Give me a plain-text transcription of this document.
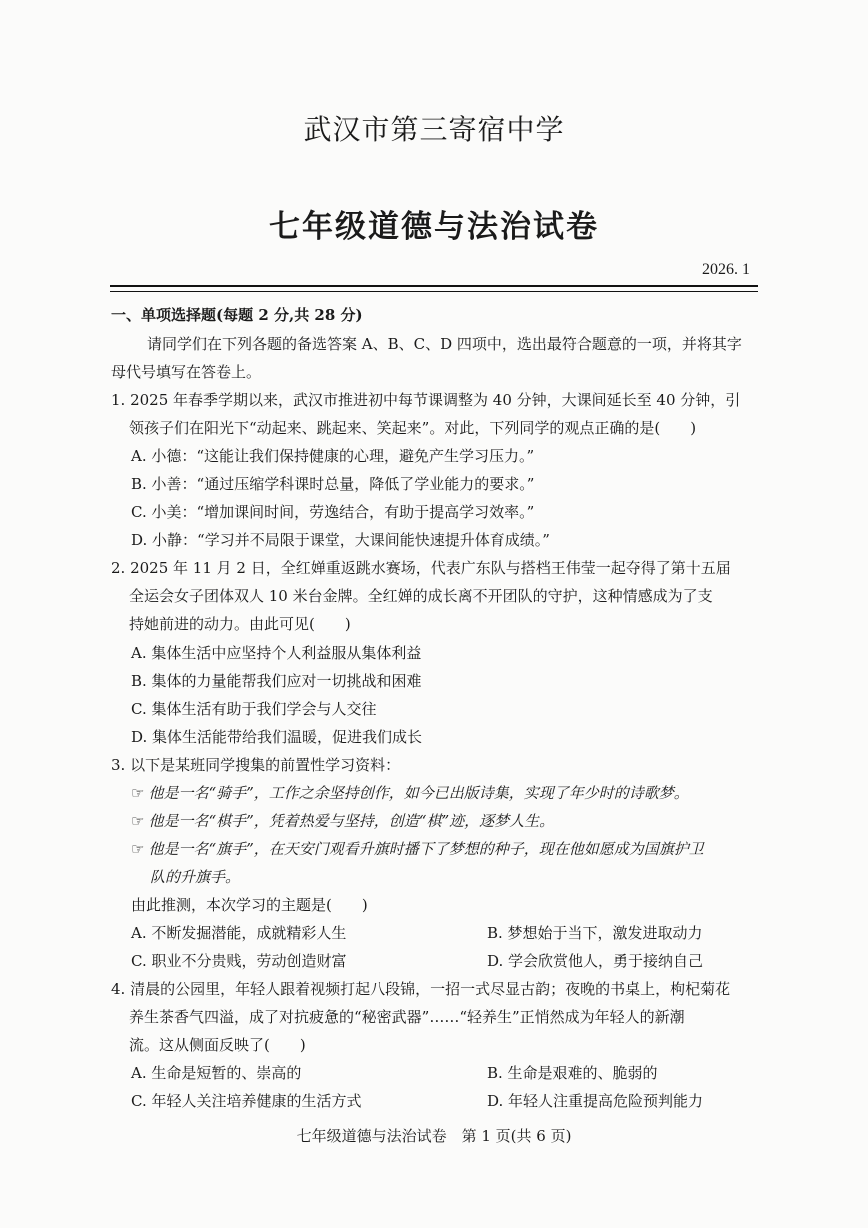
武汉市第三寄宿中学
七年级道德与法治试卷
2026. 1
一、单项选择题(每题 2 分,共 28 分)
请同学们在下列各题的备选答案 A、B、C、D 四项中，选出最符合题意的一项，并将其字
母代号填写在答卷上。
1. 2025 年春季学期以来，武汉市推进初中每节课调整为 40 分钟，大课间延长至 40 分钟，引
领孩子们在阳光下“动起来、跳起来、笑起来”。对此，下列同学的观点正确的是(　　)
A. 小德：“这能让我们保持健康的心理，避免产生学习压力。”
B. 小善：“通过压缩学科课时总量，降低了学业能力的要求。”
C. 小美：“增加课间时间，劳逸结合，有助于提高学习效率。”
D. 小静：“学习并不局限于课堂，大课间能快速提升体育成绩。”
2. 2025 年 11 月 2 日，全红婵重返跳水赛场，代表广东队与搭档王伟莹一起夺得了第十五届
全运会女子团体双人 10 米台金牌。全红婵的成长离不开团队的守护，这种情感成为了支
持她前进的动力。由此可见(　　)
A. 集体生活中应坚持个人利益服从集体利益
B. 集体的力量能帮我们应对一切挑战和困难
C. 集体生活有助于我们学会与人交往
D. 集体生活能带给我们温暖，促进我们成长
3. 以下是某班同学搜集的前置性学习资料：
☞ 他是一名“骑手”，工作之余坚持创作，如今已出版诗集，实现了年少时的诗歌梦。
☞ 他是一名“棋手”，凭着热爱与坚持，创造“棋”迹，逐梦人生。
☞ 他是一名“旗手”，在天安门观看升旗时播下了梦想的种子，现在他如愿成为国旗护卫
队的升旗手。
由此推测，本次学习的主题是(　　)
A. 不断发掘潜能，成就精彩人生	B. 梦想始于当下，激发进取动力
C. 职业不分贵贱，劳动创造财富	D. 学会欣赏他人，勇于接纳自己
4. 清晨的公园里，年轻人跟着视频打起八段锦，一招一式尽显古韵；夜晚的书桌上，枸杞菊花
养生茶香气四溢，成了对抗疲惫的“秘密武器”……“轻养生”正悄然成为年轻人的新潮
流。这从侧面反映了(　　)
A. 生命是短暂的、崇高的	B. 生命是艰难的、脆弱的
C. 年轻人关注培养健康的生活方式	D. 年轻人注重提高危险预判能力
七年级道德与法治试卷　第 1 页(共 6 页)
